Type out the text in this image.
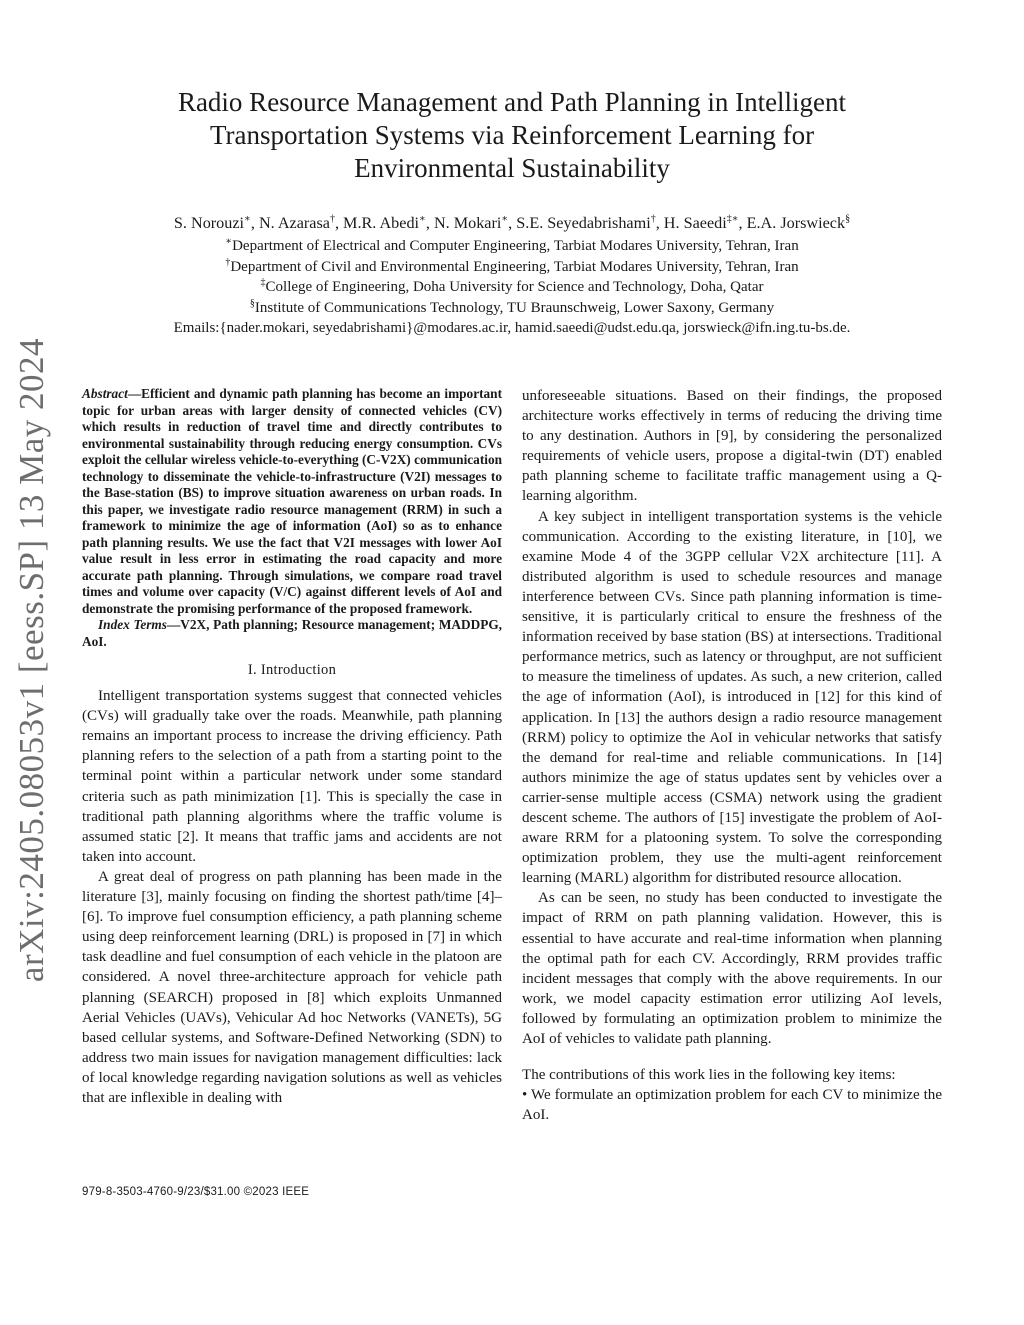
arXiv:2405.08053v1 [eess.SP] 13 May 2024
Radio Resource Management and Path Planning in Intelligent
Transportation Systems via Reinforcement Learning for
Environmental Sustainability
S. Norouzi∗, N. Azarasa†, M.R. Abedi∗, N. Mokari∗, S.E. Seyedabrishami†, H. Saeedi‡∗, E.A. Jorswieck§
∗Department of Electrical and Computer Engineering, Tarbiat Modares University, Tehran, Iran
†Department of Civil and Environmental Engineering, Tarbiat Modares University, Tehran, Iran
‡College of Engineering, Doha University for Science and Technology, Doha, Qatar
§Institute of Communications Technology, TU Braunschweig, Lower Saxony, Germany
Emails:{nader.mokari, seyedabrishami}@modares.ac.ir, hamid.saeedi@udst.edu.qa, jorswieck@ifn.ing.tu-bs.de.

Abstract—Efficient and dynamic path planning has become an important topic for urban areas with larger density of connected vehicles (CV) which results in reduction of travel time and directly contributes to environmental sustainability through reducing energy consumption. CVs exploit the cellular wireless vehicle-to-everything (C-V2X) communication technology to disseminate the vehicle-to-infrastructure (V2I) messages to the Base-station (BS) to improve situation awareness on urban roads. In this paper, we investigate radio resource management (RRM) in such a framework to minimize the age of information (AoI) so as to enhance path planning results. We use the fact that V2I messages with lower AoI value result in less error in estimating the road capacity and more accurate path planning. Through simulations, we compare road travel times and volume over capacity (V/C) against different levels of AoI and demonstrate the promising performance of the proposed framework.

Index Terms—V2X, Path planning; Resource management; MADDPG, AoI.

I. Introduction

Intelligent transportation systems suggest that connected vehicles (CVs) will gradually take over the roads. Meanwhile, path planning remains an important process to increase the driving efficiency. Path planning refers to the selection of a path from a starting point to the terminal point within a particular network under some standard criteria such as path minimization [1]. This is specially the case in traditional path planning algorithms where the traffic volume is assumed static [2]. It means that traffic jams and accidents are not taken into account.

A great deal of progress on path planning has been made in the literature [3], mainly focusing on finding the shortest path/time [4]–[6]. To improve fuel consumption efficiency, a path planning scheme using deep reinforcement learning (DRL) is proposed in [7] in which task deadline and fuel consumption of each vehicle in the platoon are considered. A novel three-architecture approach for vehicle path planning (SEARCH) proposed in [8] which exploits Unmanned Aerial Vehicles (UAVs), Vehicular Ad hoc Networks (VANETs), 5G based cellular systems, and Software-Defined Networking (SDN) to address two main issues for navigation management difficulties: lack of local knowledge regarding navigation solutions as well as vehicles that are inflexible in dealing with

unforeseeable situations. Based on their findings, the proposed architecture works effectively in terms of reducing the driving time to any destination. Authors in [9], by considering the personalized requirements of vehicle users, propose a digital-twin (DT) enabled path planning scheme to facilitate traffic management using a Q-learning algorithm.

A key subject in intelligent transportation systems is the vehicle communication. According to the existing literature, in [10], we examine Mode 4 of the 3GPP cellular V2X architecture [11]. A distributed algorithm is used to schedule resources and manage interference between CVs. Since path planning information is time-sensitive, it is particularly critical to ensure the freshness of the information received by base station (BS) at intersections. Traditional performance metrics, such as latency or throughput, are not sufficient to measure the timeliness of updates. As such, a new criterion, called the age of information (AoI), is introduced in [12] for this kind of application. In [13] the authors design a radio resource management (RRM) policy to optimize the AoI in vehicular networks that satisfy the demand for real-time and reliable communications. In [14] authors minimize the age of status updates sent by vehicles over a carrier-sense multiple access (CSMA) network using the gradient descent scheme. The authors of [15] investigate the problem of AoI-aware RRM for a platooning system. To solve the corresponding optimization problem, they use the multi-agent reinforcement learning (MARL) algorithm for distributed resource allocation.

As can be seen, no study has been conducted to investigate the impact of RRM on path planning validation. However, this is essential to have accurate and real-time information when planning the optimal path for each CV. Accordingly, RRM provides traffic incident messages that comply with the above requirements. In our work, we model capacity estimation error utilizing AoI levels, followed by formulating an optimization problem to minimize the AoI of vehicles to validate path planning.

The contributions of this work lies in the following key items:

• We formulate an optimization problem for each CV to minimize the AoI.

979-8-3503-4760-9/23/$31.00 ©2023 IEEE
